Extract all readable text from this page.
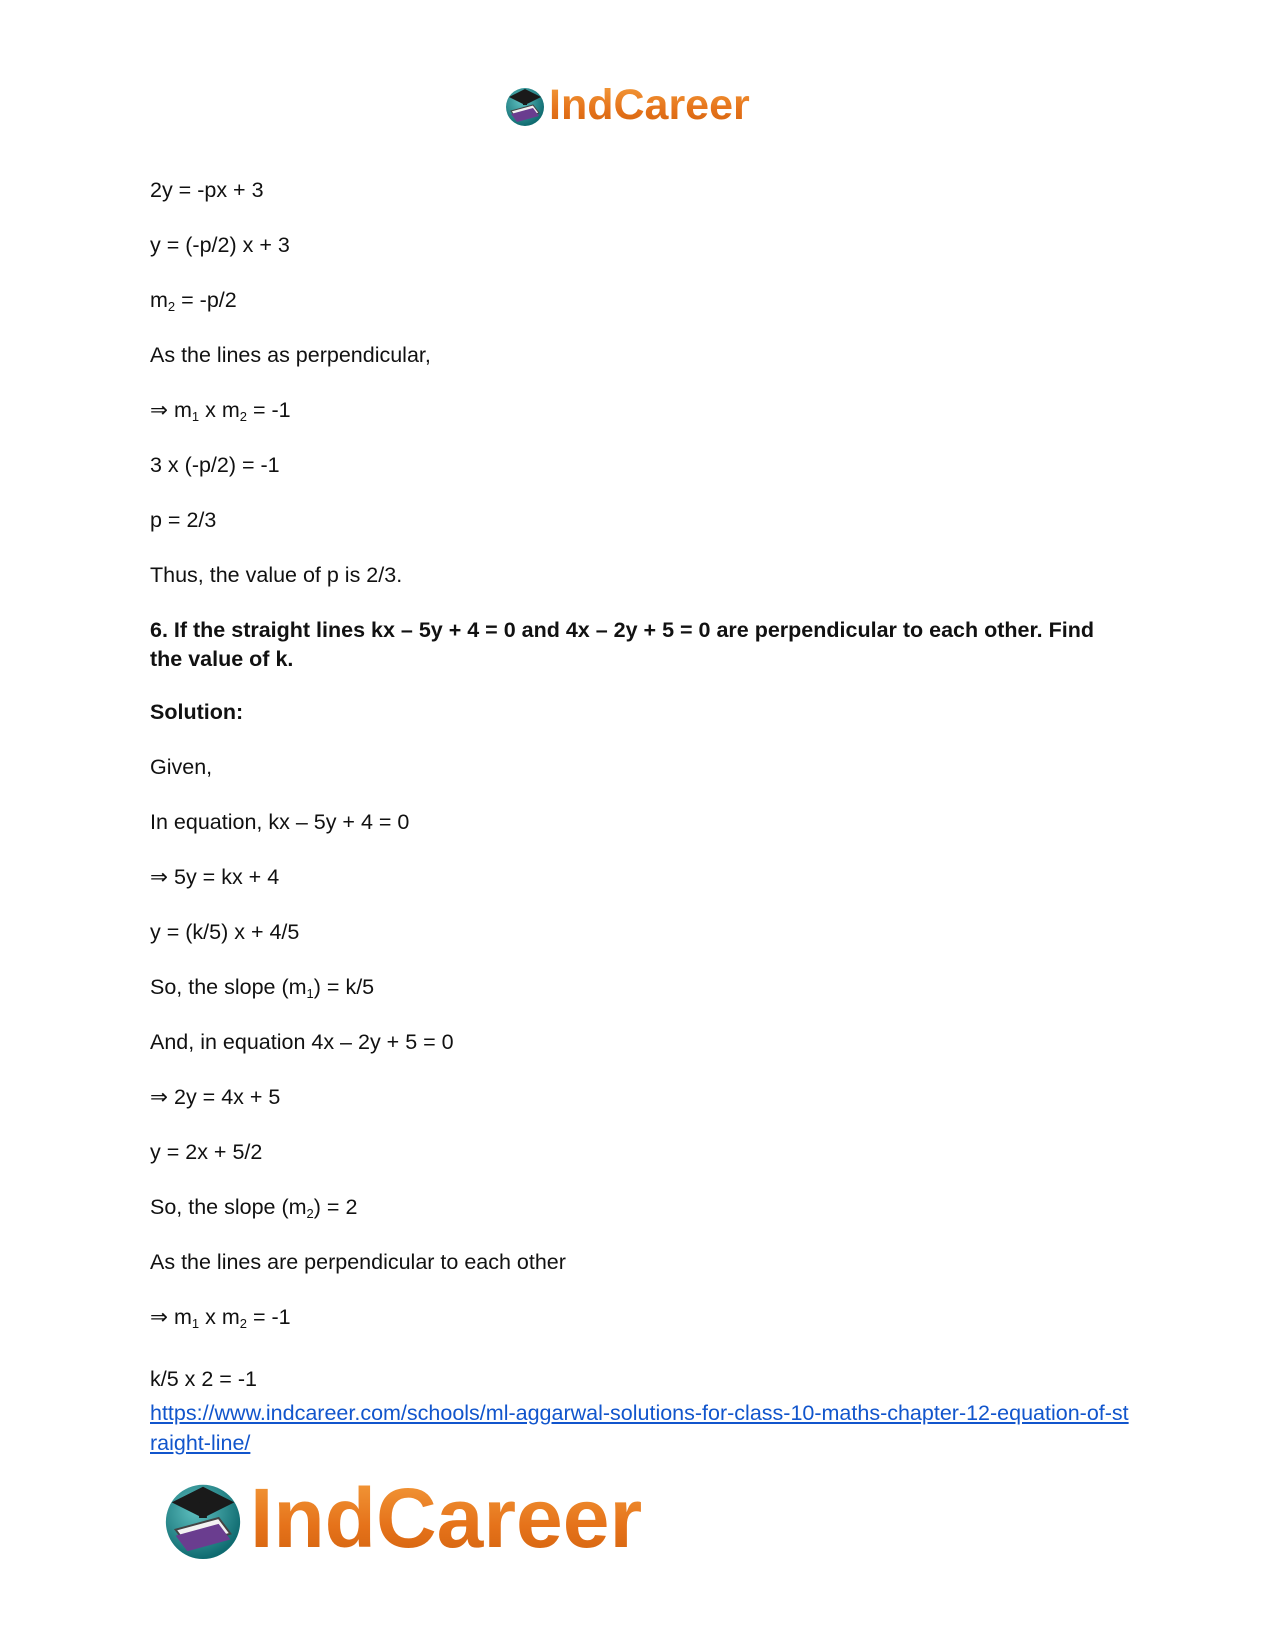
IndCareer

2y = -px + 3

y = (-p/2) x + 3

$m_2 = -p/2$

As the lines as perpendicular,

⇒ $m_1$ x $m_2 = -1$

3 x (-p/2) = -1

p = 2/3

Thus, the value of p is 2/3.

6. If the straight lines kx – 5y + 4 = 0 and 4x – 2y + 5 = 0 are perpendicular to each other. Find the value of k.

Solution:

Given,

In equation, kx – 5y + 4 = 0

⇒ 5y = kx + 4

y = (k/5) x + 4/5

So, the slope $(m_1) = k/5$

And, in equation 4x – 2y + 5 = 0

⇒ 2y = 4x + 5

y = 2x + 5/2

So, the slope $(m_2) = 2$

As the lines are perpendicular to each other

⇒ $m_1$ x $m_2 = -1$

k/5 x 2 = -1
https://www.indcareer.com/schools/ml-aggarwal-solutions-for-class-10-maths-chapter-12-equation-of-straight-line/
IndCareer
